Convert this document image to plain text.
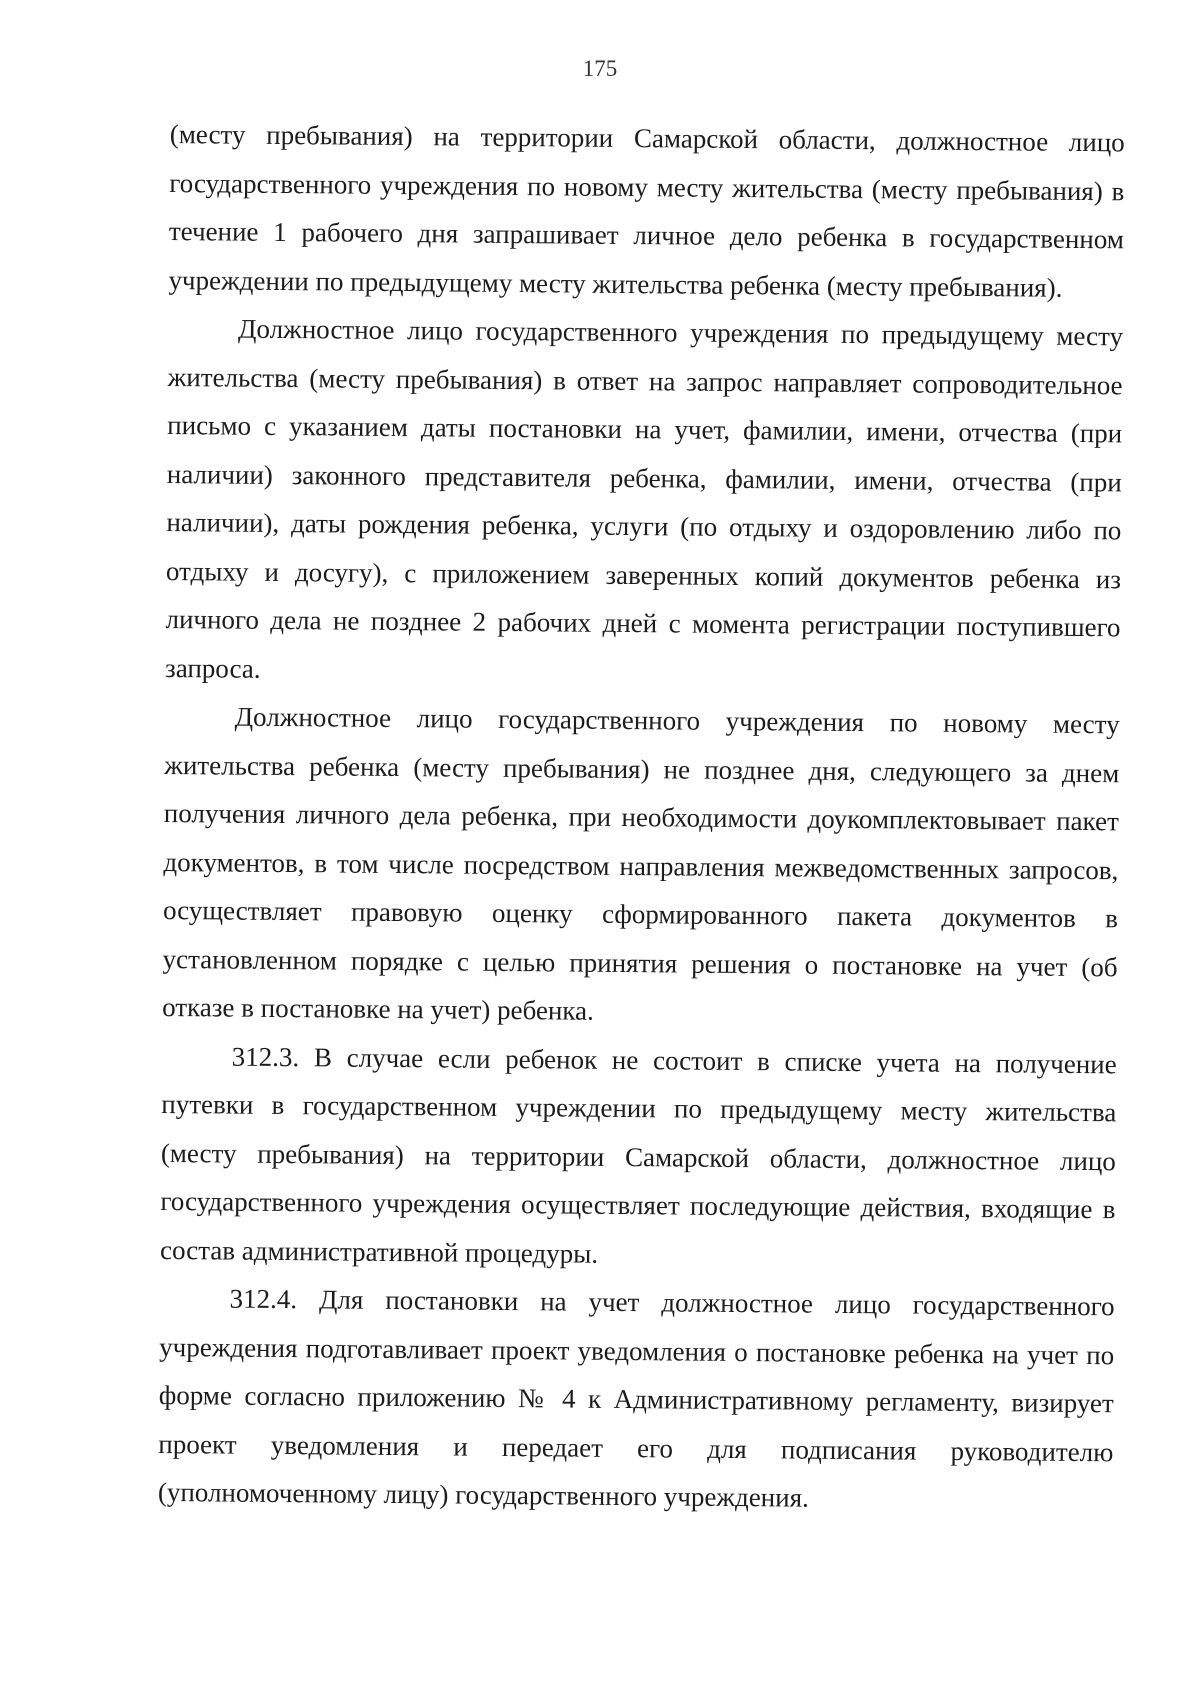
175

(месту пребывания) на территории Самарской области, должностное лицо государственного учреждения по новому месту жительства (месту пребывания) в течение 1 рабочего дня запрашивает личное дело ребенка в государственном учреждении по предыдущему месту жительства ребенка (месту пребывания).

Должностное лицо государственного учреждения по предыдущему месту жительства (месту пребывания) в ответ на запрос направляет сопроводительное письмо с указанием даты постановки на учет, фамилии, имени, отчества (при наличии) законного представителя ребенка, фамилии, имени, отчества (при наличии), даты рождения ребенка, услуги (по отдыху и оздоровлению либо по отдыху и досугу), с приложением заверенных копий документов ребенка из личного дела не позднее 2 рабочих дней с момента регистрации поступившего запроса.

Должностное лицо государственного учреждения по новому месту жительства ребенка (месту пребывания) не позднее дня, следующего за днем получения личного дела ребенка, при необходимости доукомплектовывает пакет документов, в том числе посредством направления межведомственных запросов, осуществляет правовую оценку сформированного пакета документов в установленном порядке с целью принятия решения о постановке на учет (об отказе в постановке на учет) ребенка.

312.3. В случае если ребенок не состоит в списке учета на получение путевки в государственном учреждении по предыдущему месту жительства (месту пребывания) на территории Самарской области, должностное лицо государственного учреждения осуществляет последующие действия, входящие в состав административной процедуры.

312.4. Для постановки на учет должностное лицо государственного учреждения подготавливает проект уведомления о постановке ребенка на учет по форме согласно приложению № 4 к Административному регламенту, визирует проект уведомления и передает его для подписания руководителю (уполномоченному лицу) государственного учреждения.
